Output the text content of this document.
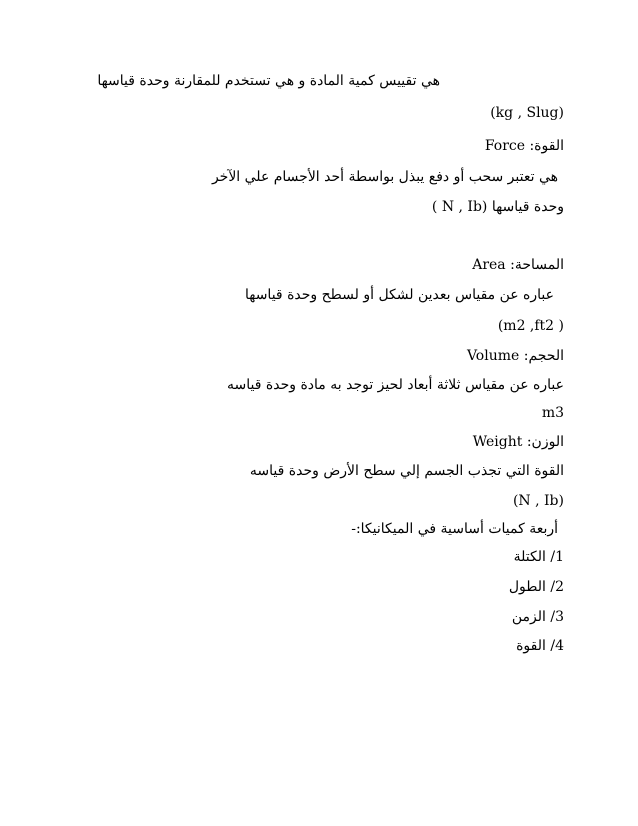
هي تقييس كمية المادة و هي تستخدم للمقارنة وحدة قياسها
(kg , Slug)
القوة: Force
هي تعتبر سحب أو دفع يبذل بواسطة أحد الأجسام علي الآخر
وحدة قياسها (N , Ib )
المساحة: Area
عباره عن مقياس بعدين لشكل أو لسطح وحدة قياسها
(m2 ,ft2 )
الحجم: Volume
عباره عن مقياس ثلاثة أبعاد لحيز توجد به مادة وحدة قياسه
m3
الوزن: Weight
القوة التي تجذب الجسم إلي سطح الأرض وحدة قياسه
(N , Ib)
أربعة كميات أساسية في الميكانيكا:-
1/ الكتلة
2/ الطول
3/ الزمن
4/ القوة
